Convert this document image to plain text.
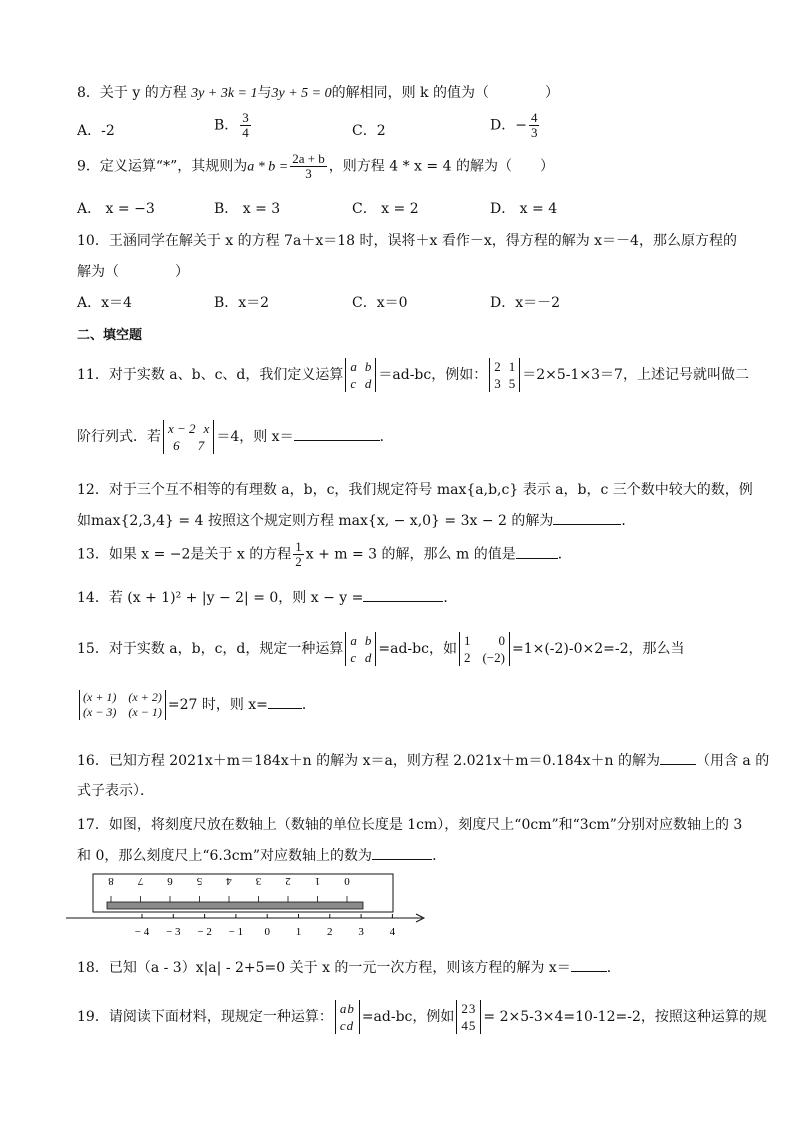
8．关于 y 的方程 3y + 3k = 1与3y + 5 = 0的解相同，则 k 的值为（　　　　）
A．-2	B． $\frac{3}{4}$	C．2	D．− $\frac{4}{3}$
9．定义运算“*”，其规则为$a * b = \frac{2a + b}{3}$ ，则方程 4 * x = 4 的解为（　　）
A． x = −3	B． x = 3	C． x = 2	D． x = 4
10．王涵同学在解关于 x 的方程 7a＋x＝18 时，误将＋x 看作－x，得方程的解为 x＝－4，那么原方程的
解为（　　　　）
A．x＝4	B．x＝2	C．x＝0	D．x＝－2
二、填空题
11．对于实数 a、b、c、d，我们定义运算
a b
c d
＝ad-bc，例如：
2 1
3 5
＝2×5-1×3＝7，上述记号就叫做二
阶行列式．若
x − 2 x
6 7
＝4，则 x＝	．
12．对于三个互不相等的有理数 a，b，c，我们规定符号 max{a,b,c} 表示 a，b，c 三个数中较大的数，例
如max{2,3,4} = 4 按照这个规定则方程 max{x, − x,0} = 3x − 2 的解为	．
13．如果 x = −2是关于 x 的方程 $\frac{1}{2}$ x + m = 3 的解，那么 m 的值是	．
14．若 (x + 1)² + |y − 2| = 0，则 x − y =	．
15．对于实数 a，b，c，d，规定一种运算
a b
c d
=ad-bc，如
1 0
2 (−2)
=1×(-2)-0×2=-2，那么当
(x + 1) (x + 2)
(x − 3) (x − 1) =27 时，则 x= ．
16．已知方程 2021x＋m＝184x＋n 的解为 x＝a，则方程 2.021x＋m＝0.184x＋n 的解为	（用含 a 的
式子表示）．
17．如图，将刻度尺放在数轴上（数轴的单位长度是 1cm），刻度尺上“0cm”和“3cm”分别对应数轴上的 3
和 0，那么刻度尺上“6.3cm”对应数轴上的数为	．
8 7 6 5 4 3 2 1 0
− 4 − 3 − 2 − 1 0 1 2 3 4
18．已知（a - 3）x|a| - 2+5=0 关于 x 的一元一次方程，则该方程的解为 x＝	．
19．请阅读下面材料，现规定一种运算：
ab
cd
=ad-bc，例如
23
45
= 2×5-3×4=10-12=-2，按照这种运算的规
